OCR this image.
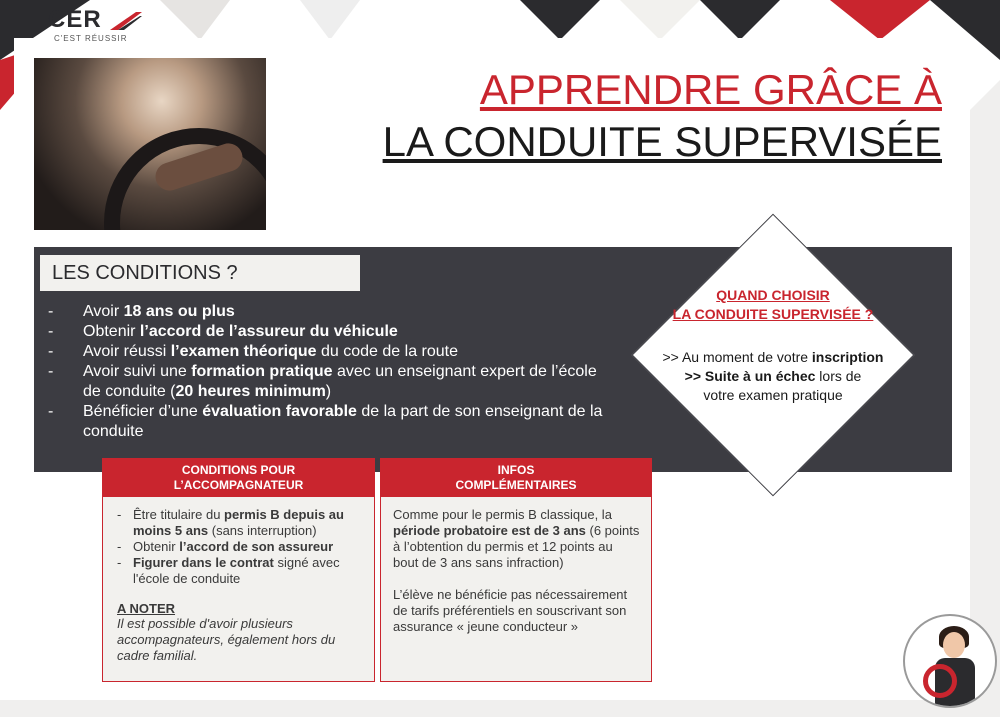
CER
C'EST RÉUSSIR
APPRENDRE GRÂCE À
LA CONDUITE SUPERVISÉE
LES CONDITIONS ?
- Avoir 18 ans ou plus
- Obtenir l’accord de l’assureur du véhicule
- Avoir réussi l’examen théorique du code de la route
- Avoir suivi une formation pratique avec un enseignant expert de l’école de conduite (20 heures minimum)
- Bénéficier d’une évaluation favorable de la part de son enseignant de la conduite
QUAND CHOISIR
LA CONDUITE SUPERVISÉE ?
>> Au moment de votre inscription
>> Suite à un échec lors de
votre examen pratique
CONDITIONS POUR
L’ACCOMPAGNATEUR
- Être titulaire du permis B depuis au moins 5 ans (sans interruption)
- Obtenir l’accord de son assureur
- Figurer dans le contrat signé avec l'école de conduite
A NOTER
Il est possible d'avoir plusieurs accompagnateurs, également hors du cadre familial.
INFOS
COMPLÉMENTAIRES
Comme pour le permis B classique, la période probatoire est de 3 ans (6 points à l’obtention du permis et 12 points au bout de 3 ans sans infraction)
L’élève ne bénéficie pas nécessairement de tarifs préférentiels en souscrivant son assurance « jeune conducteur »
